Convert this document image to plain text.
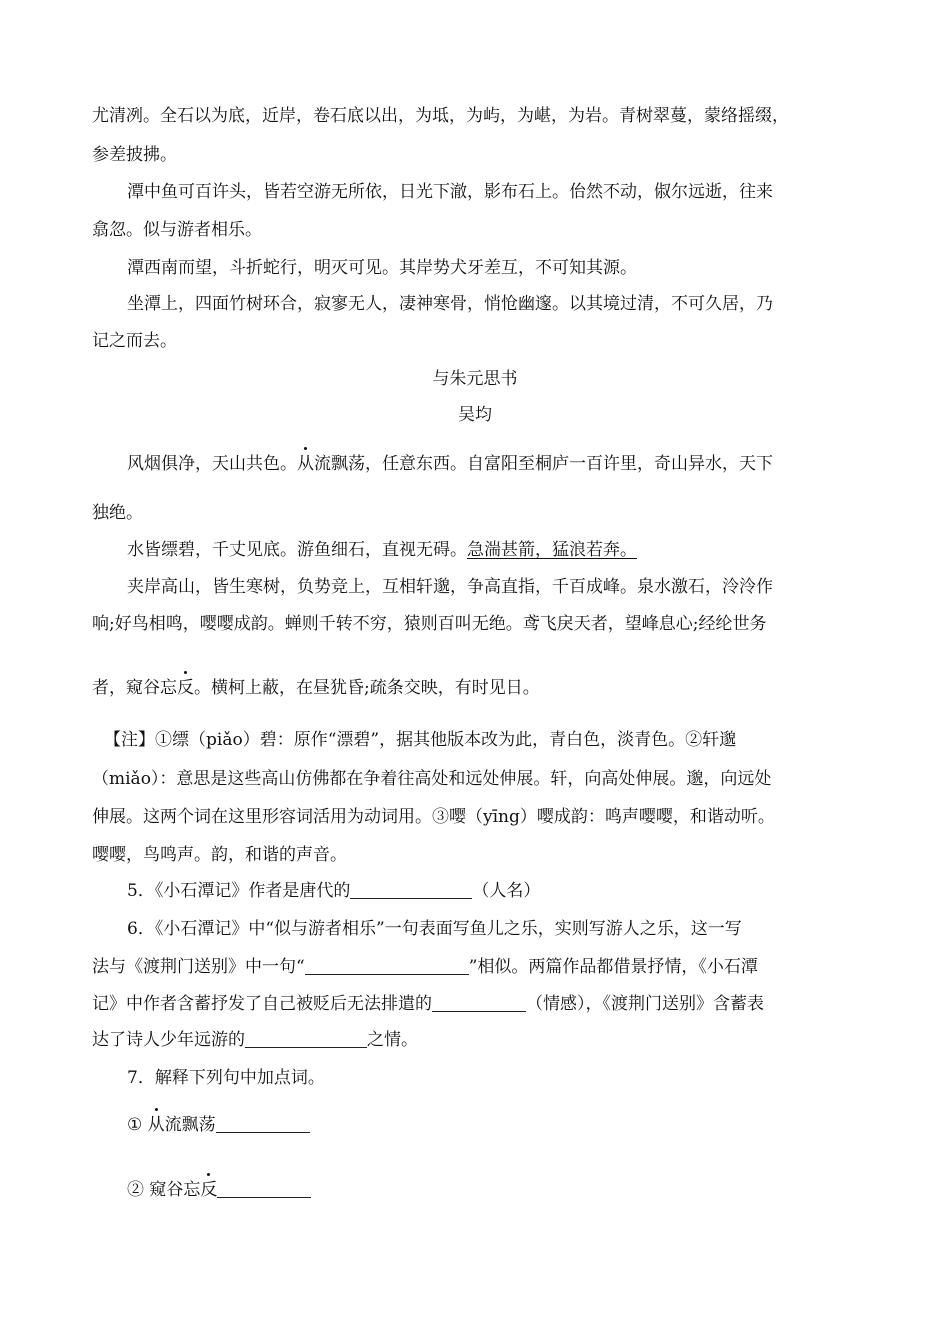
尤清冽。全石以为底，近岸，卷石底以出，为坻，为屿，为嵁，为岩。青树翠蔓，蒙络摇缀，
参差披拂。
潭中鱼可百许头，皆若空游无所依，日光下澈，影布石上。佁然不动，俶尔远逝，往来
翕忽。似与游者相乐。
潭西南而望，斗折蛇行，明灭可见。其岸势犬牙差互，不可知其源。
坐潭上，四面竹树环合，寂寥无人，凄神寒骨，悄怆幽邃。以其境过清，不可久居，乃
记之而去。
与朱元思书
吴均
风烟俱净，天山共色。从流飘荡，任意东西。自富阳至桐庐一百许里，奇山异水，天下
独绝。
水皆缥碧，千丈见底。游鱼细石，直视无碍。急湍甚箭，猛浪若奔。
夹岸高山，皆生寒树，负势竞上，互相轩邈，争高直指，千百成峰。泉水激石，泠泠作
响;好鸟相鸣，嘤嘤成韵。蝉则千转不穷，猿则百叫无绝。鸢飞戾天者，望峰息心;经纶世务
者，窥谷忘反。横柯上蔽，在昼犹昏;疏条交映，有时见日。
【注】①缥（piǎo）碧：原作“漂碧”，据其他版本改为此，青白色，淡青色。②轩邈
（miǎo）：意思是这些高山仿佛都在争着往高处和远处伸展。轩，向高处伸展。邈，向远处
伸展。这两个词在这里形容词活用为动词用。③嘤（yīng）嘤成韵：鸣声嘤嘤，和谐动听。
嘤嘤，鸟鸣声。韵，和谐的声音。
5．《小石潭记》作者是唐代的	（人名）
6．《小石潭记》中“似与游者相乐”一句表面写鱼儿之乐，实则写游人之乐，这一写
法与《渡荆门送别》中一句“	”相似。两篇作品都借景抒情，《小石潭
记》中作者含蓄抒发了自己被贬后无法排遣的	（情感），《渡荆门送别》含蓄表
达了诗人少年远游的	之情。
7．解释下列句中加点词。
① 从流飘荡
② 窥谷忘反
